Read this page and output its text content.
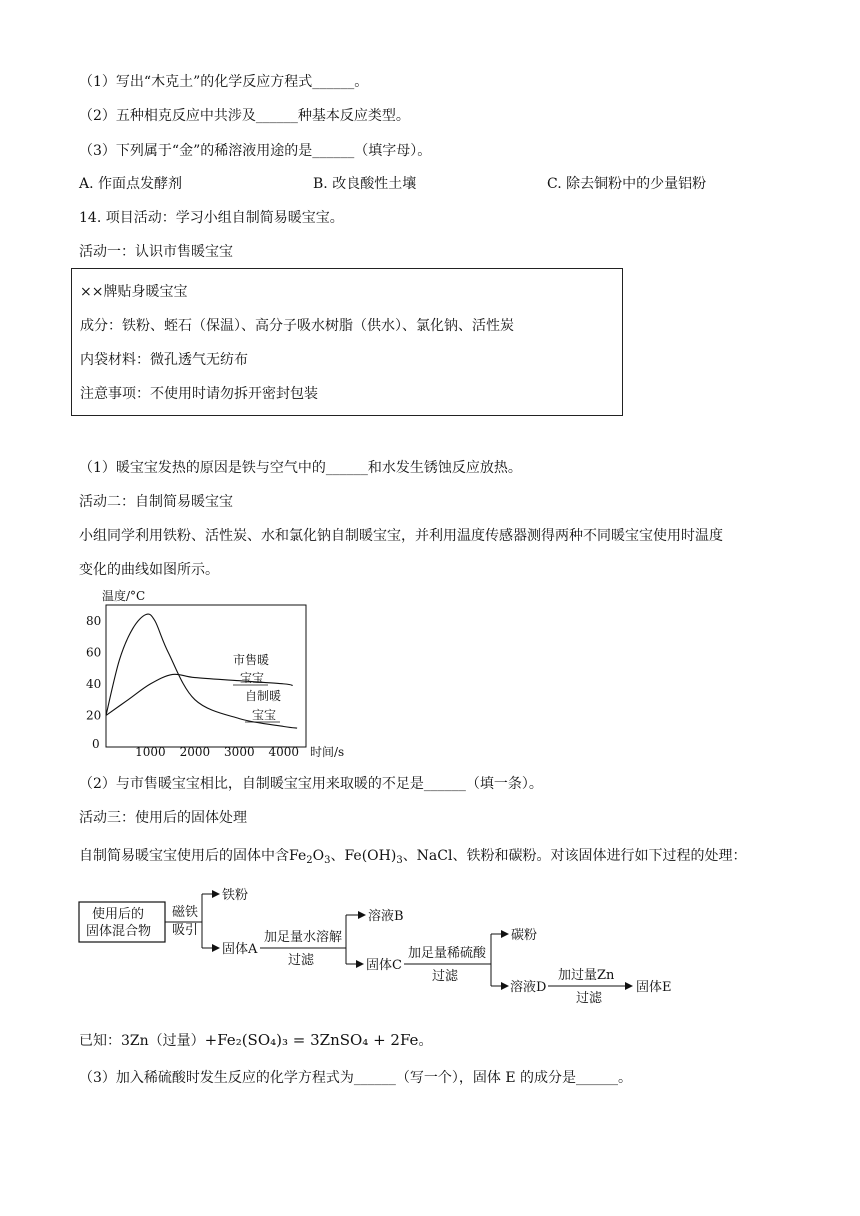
（1）写出“木克土”的化学反应方程式______。
（2）五种相克反应中共涉及______种基本反应类型。
（3）下列属于“金”的稀溶液用途的是______（填字母）。
A. 作面点发酵剂	B. 改良酸性土壤	C. 除去铜粉中的少量铝粉
14. 项目活动：学习小组自制简易暖宝宝。
活动一：认识市售暖宝宝
××牌贴身暖宝宝
成分：铁粉、蛭石（保温）、高分子吸水树脂（供水）、氯化钠、活性炭
内袋材料：微孔透气无纺布
注意事项：不使用时请勿拆开密封包装
（1）暖宝宝发热的原因是铁与空气中的______和水发生锈蚀反应放热。
活动二：自制简易暖宝宝
小组同学利用铁粉、活性炭、水和氯化钠自制暖宝宝，并利用温度传感器测得两种不同暖宝宝使用时温度
变化的曲线如图所示。
温度/°C
20
40
60
80
1000 2000 3000 4000
0
时间/s
市售暖
宝宝
自制暖
宝宝
（2）与市售暖宝宝相比，自制暖宝宝用来取暖的不足是______（填一条）。
活动三：使用后的固体处理
自制简易暖宝宝使用后的固体中含$Fe_2O_3$、$Fe(OH)_3$、NaCl、铁粉和碳粉。对该固体进行如下过程的处理：
使用后的
固体混合物
磁铁
吸引
铁粉
固体A
加足量水溶解
过滤
溶液B
固体C
加足量稀硫酸
过滤
碳粉
溶液D
加过量Zn
过滤
固体E
已知：3Zn（过量）+Fe₂(SO₄)₃ = 3ZnSO₄ + 2Fe。
（3）加入稀硫酸时发生反应的化学方程式为______（写一个），固体 E 的成分是______。
